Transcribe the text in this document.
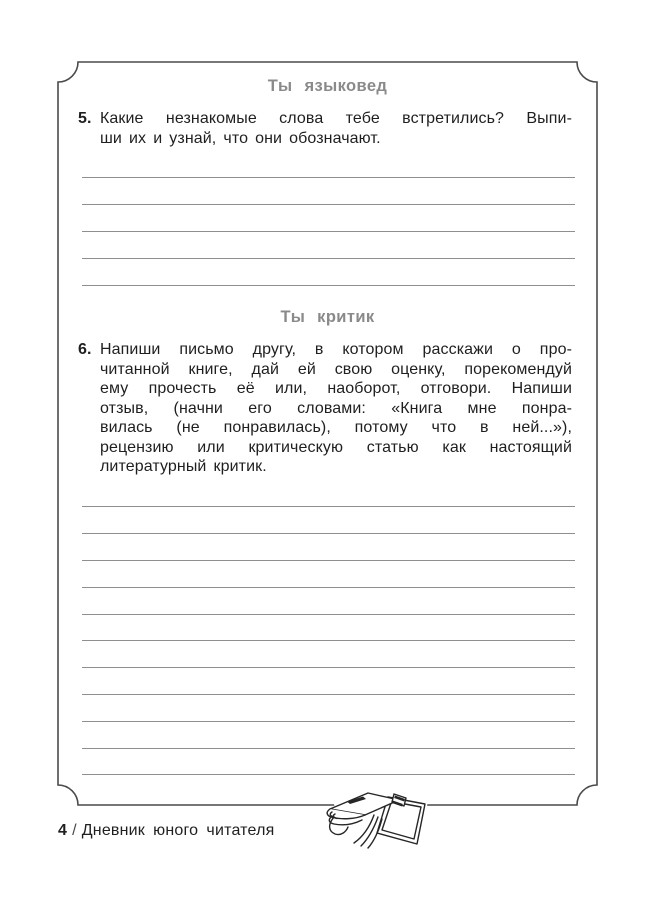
Ты языковед
5. Какие незнакомые слова тебе встретились? Выпи-
ши их и узнай, что они обозначают.
Ты критик
6. Напиши письмо другу, в котором расскажи о про-
читанной книге, дай ей свою оценку, порекомендуй
ему прочесть её или, наоборот, отговори. Напиши
отзыв, (начни его словами: «Книга мне понра-
вилась (не понравилась), потому что в ней...»),
рецензию или критическую статью как настоящий
литературный критик.
4 / Дневник юного читателя
